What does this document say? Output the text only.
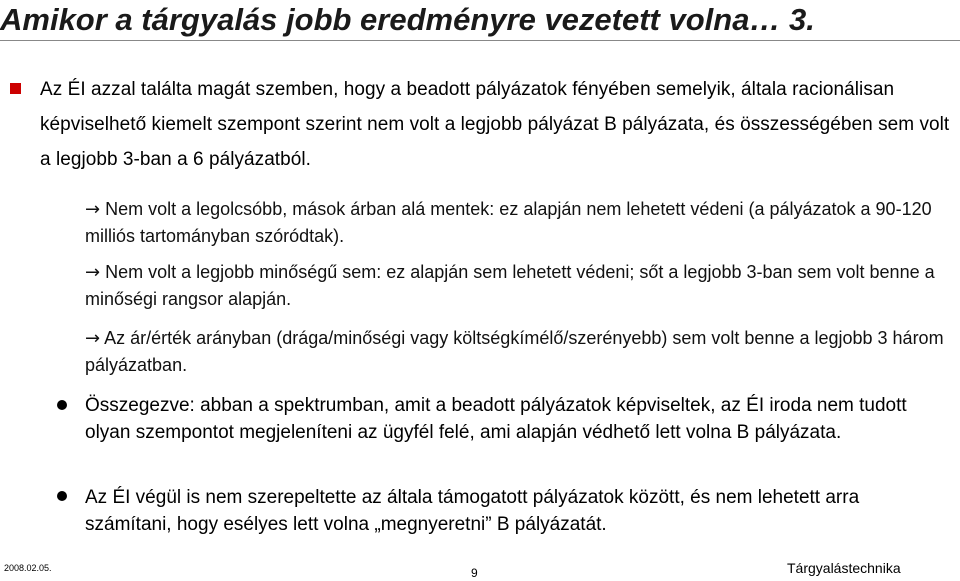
Amikor a tárgyalás jobb eredményre vezetett volna… 3.
Az ÉI azzal találta magát szemben, hogy a beadott pályázatok fényében semelyik, általa racionálisan képviselhető kiemelt szempont szerint nem volt a legjobb pályázat B pályázata, és összességében sem volt a legjobb 3-ban a 6 pályázatból.
→ Nem volt a legolcsóbb, mások árban alá mentek: ez alapján nem lehetett védeni (a pályázatok a 90-120 milliós tartományban szóródtak).
→ Nem volt a legjobb minőségű sem: ez alapján sem lehetett védeni; sőt a legjobb 3-ban sem volt benne a minőségi rangsor alapján.
→ Az ár/érték arányban (drága/minőségi vagy költségkímélő/szerényebb) sem volt benne a legjobb 3 három pályázatban.
Összegezve: abban a spektrumban, amit a beadott pályázatok képviseltek, az ÉI iroda nem tudott olyan szempontot megjeleníteni az ügyfél felé, ami alapján védhető lett volna B pályázata.
Az ÉI végül is nem szerepeltette az általa támogatott pályázatok között, és nem lehetett arra számítani, hogy esélyes lett volna „megnyeretni” B pályázatát.
2008.02.05.	9	Tárgyalástechnika
